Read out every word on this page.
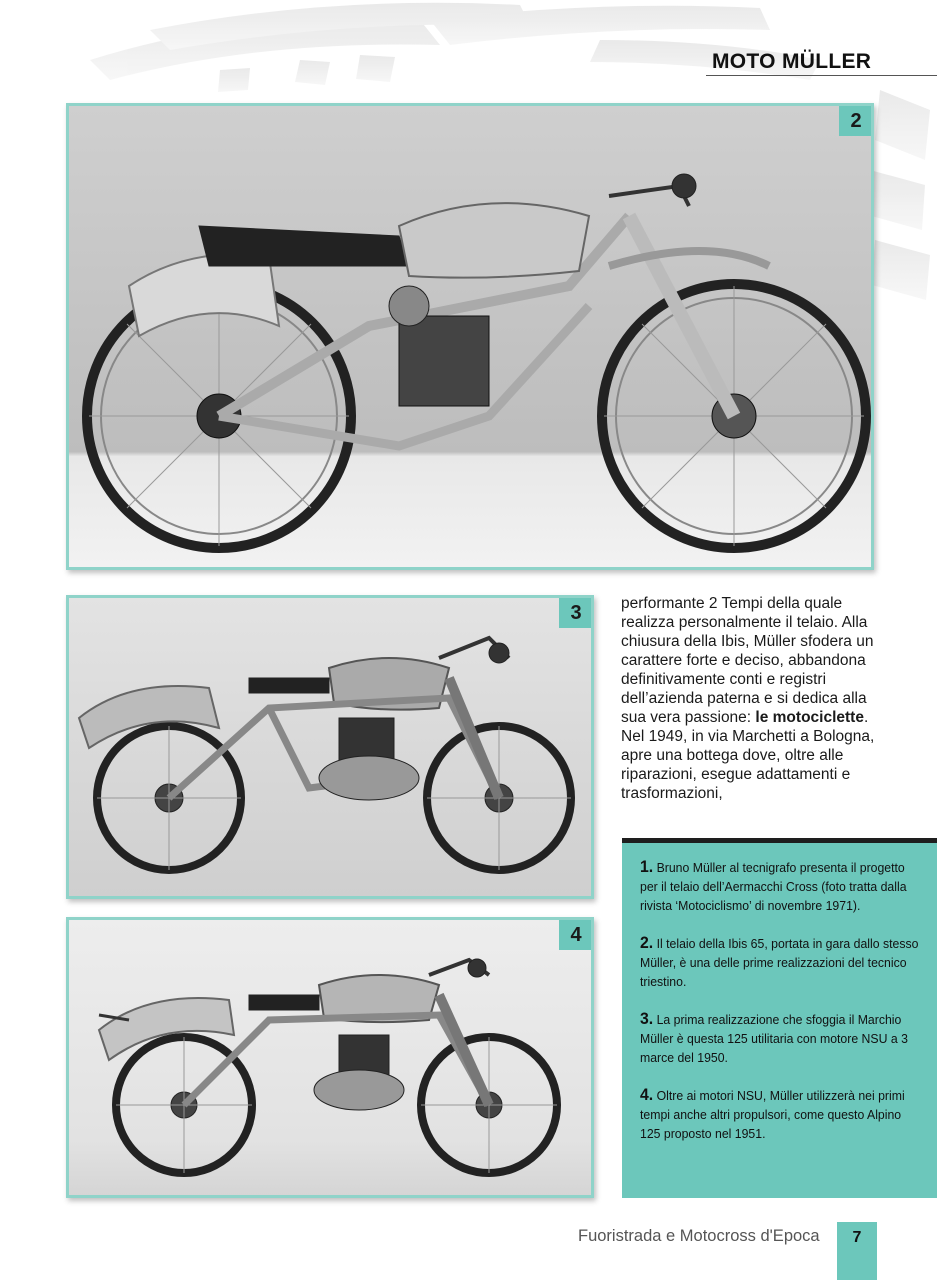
MOTO MÜLLER
2
3
4

performante 2 Tempi della quale realizza personalmente il telaio. Alla chiusura della Ibis, Müller sfodera un carattere forte e deciso, abbandona definitivamente conti e registri dell’azienda paterna e si dedica alla sua vera passione: le motociclette.

Nel 1949, in via Marchetti a Bologna, apre una bottega dove, oltre alle riparazioni, esegue adattamenti e trasformazioni,

1. Bruno Müller al tecnigrafo presenta il progetto per il telaio dell’Aermacchi Cross (foto tratta dalla rivista ‘Motociclismo’ di novembre 1971).
2. Il telaio della Ibis 65, portata in gara dallo stesso Müller, è una delle prime realizzazioni del tecnico triestino.
3. La prima realizzazione che sfoggia il Marchio Müller è questa 125 utilitaria con motore NSU a 3 marce del 1950.
4. Oltre ai motori NSU, Müller utilizzerà nei primi tempi anche altri propulsori, come questo Alpino 125 proposto nel 1951.
Fuoristrada e Motocross d'Epoca	7
